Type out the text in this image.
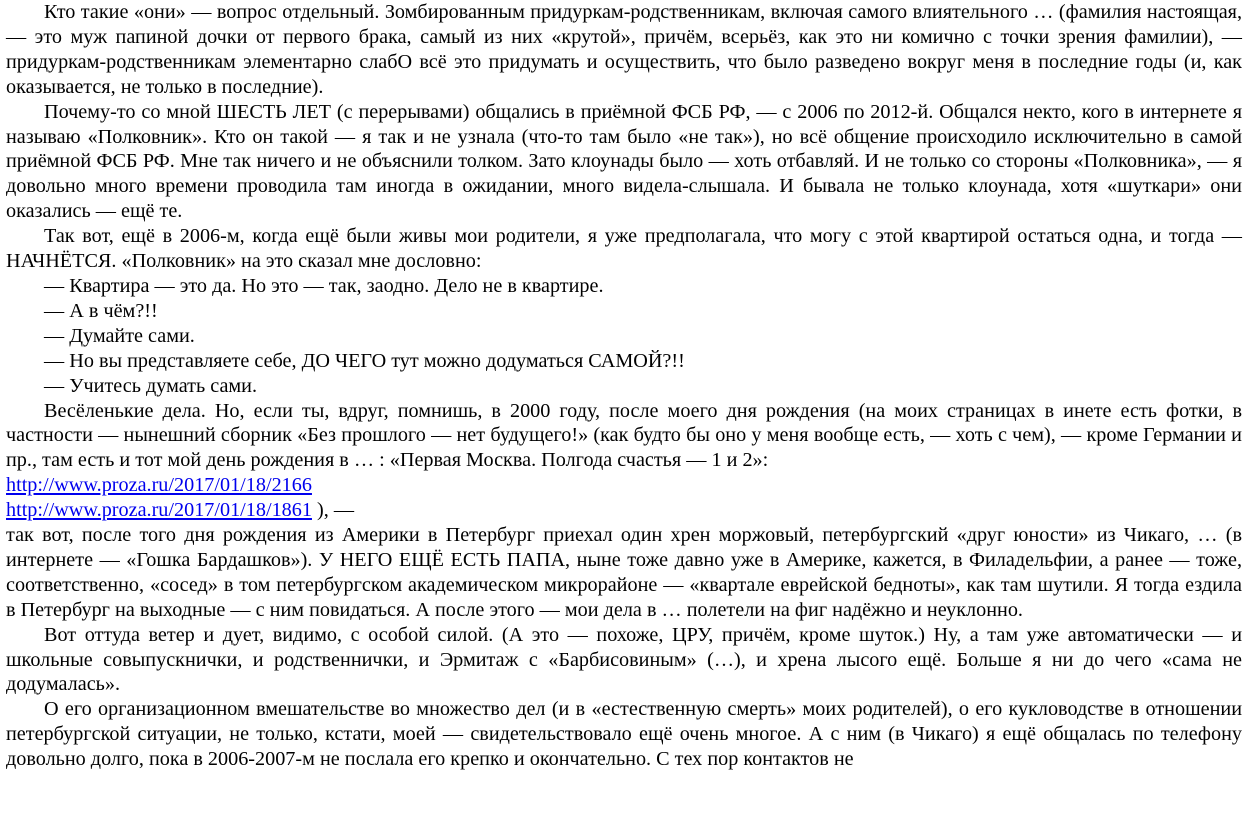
Кто такие «они» — вопрос отдельный. Зомбированным придуркам-родственникам, включая самого влиятельного … (фамилия настоящая, — это муж папиной дочки от первого брака, самый из них «крутой», причём, всерьёз, как это ни комично с точки зрения фамилии), — придуркам-родственникам элементарно слабО всё это придумать и осуществить, что было разведено вокруг меня в последние годы (и, как оказывается, не только в последние).

Почему-то со мной ШЕСТЬ ЛЕТ (с перерывами) общались в приёмной ФСБ РФ, — с 2006 по 2012-й. Общался некто, кого в интернете я называю «Полковник». Кто он такой — я так и не узнала (что-то там было «не так»), но всё общение происходило исключительно в самой приёмной ФСБ РФ. Мне так ничего и не объяснили толком. Зато клоунады было — хоть отбавляй. И не только со стороны «Полковника», — я довольно много времени проводила там иногда в ожидании, много видела-слышала. И бывала не только клоунада, хотя «шуткари» они оказались — ещё те.

Так вот, ещё в 2006-м, когда ещё были живы мои родители, я уже предполагала, что могу с этой квартирой остаться одна, и тогда — НАЧНЁТСЯ. «Полковник» на это сказал мне дословно:

— Квартира — это да. Но это — так, заодно. Дело не в квартире.

— А в чём?!!

— Думайте сами.

— Но вы представляете себе, ДО ЧЕГО тут можно додуматься САМОЙ?!!

— Учитесь думать сами.

Весёленькие дела. Но, если ты, вдруг, помнишь, в 2000 году, после моего дня рождения (на моих страницах в инете есть фотки, в частности — нынешний сборник «Без прошлого — нет будущего!» (как будто бы оно у меня вообще есть, — хоть с чем), — кроме Германии и пр., там есть и тот мой день рождения в … : «Первая Москва. Полгода счастья — 1 и 2»:

http://www.proza.ru/2017/01/18/2166

http://www.proza.ru/2017/01/18/1861 ), —

так вот, после того дня рождения из Америки в Петербург приехал один хрен моржовый, петербургский «друг юности» из Чикаго, … (в интернете — «Гошка Бардашков»). У НЕГО ЕЩЁ ЕСТЬ ПАПА, ныне тоже давно уже в Америке, кажется, в Филадельфии, а ранее — тоже, соответственно, «сосед» в том петербургском академическом микрорайоне — «квартале еврейской бедноты», как там шутили. Я тогда ездила в Петербург на выходные — с ним повидаться. А после этого — мои дела в … полетели на фиг надёжно и неуклонно.

Вот оттуда ветер и дует, видимо, с особой силой. (А это — похоже, ЦРУ, причём, кроме шуток.) Ну, а там уже автоматически — и школьные совыпускнички, и родственнички, и Эрмитаж с «Барбисовиным» (…), и хрена лысого ещё. Больше я ни до чего «сама не додумалась».

О его организационном вмешательстве во множество дел (и в «естественную смерть» моих родителей), о его кукловодстве в отношении петербургской ситуации, не только, кстати, моей — свидетельствовало ещё очень многое. А с ним (в Чикаго) я ещё общалась по телефону довольно долго, пока в 2006-2007-м не послала его крепко и окончательно. С тех пор контактов не
